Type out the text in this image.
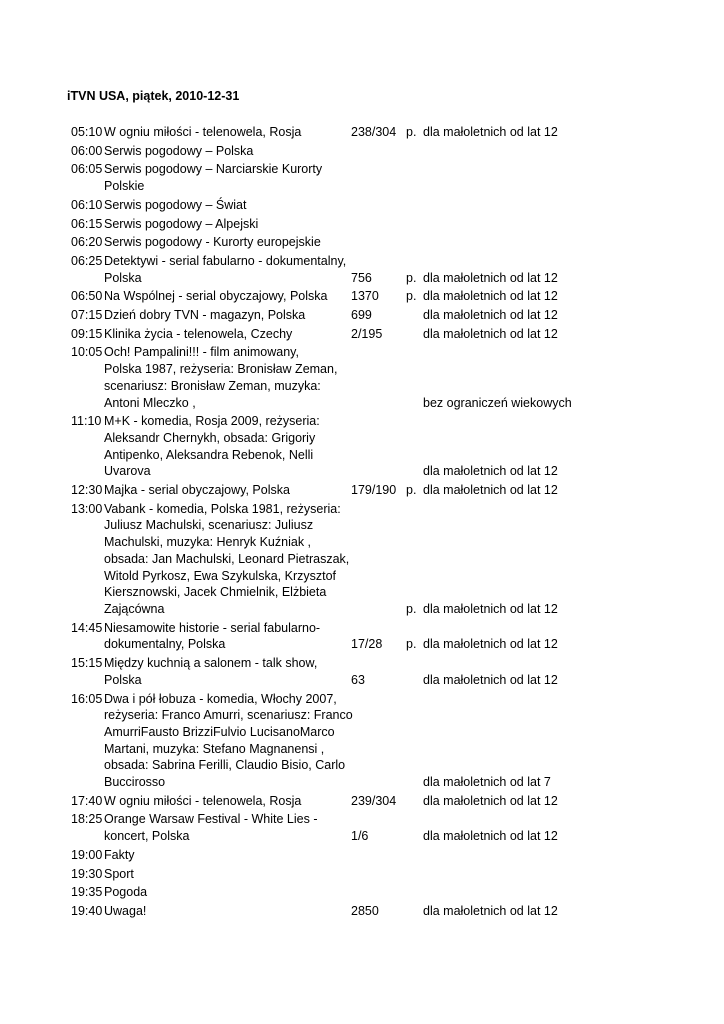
iTVN USA, piątek, 2010-12-31
05:10 W ogniu miłości - telenowela, Rosja	238/304 p. dla małoletnich od lat 12
06:00 Serwis pogodowy – Polska
06:05 Serwis pogodowy – Narciarskie Kurorty
Polskie
06:10 Serwis pogodowy – Świat
06:15 Serwis pogodowy – Alpejski
06:20 Serwis pogodowy - Kurorty europejskie
06:25 Detektywi - serial fabularno - dokumentalny,
Polska	756	p. dla małoletnich od lat 12
06:50 Na Wspólnej - serial obyczajowy, Polska	1370	p. dla małoletnich od lat 12
07:15 Dzień dobry TVN - magazyn, Polska	699	dla małoletnich od lat 12
09:15 Klinika życia - telenowela, Czechy	2/195	dla małoletnich od lat 12
10:05 Och! Pampalini!!! - film animowany,
Polska 1987, reżyseria: Bronisław Zeman,
scenariusz: Bronisław Zeman, muzyka:
Antoni Mleczko ,	bez ograniczeń wiekowych
11:10 M+K - komedia, Rosja 2009, reżyseria:
Aleksandr Chernykh, obsada: Grigoriy
Antipenko, Aleksandra Rebenok, Nelli
Uvarova	dla małoletnich od lat 12
12:30 Majka - serial obyczajowy, Polska	179/190 p. dla małoletnich od lat 12
13:00 Vabank - komedia, Polska 1981, reżyseria:
Juliusz Machulski, scenariusz: Juliusz
Machulski, muzyka: Henryk Kuźniak ,
obsada: Jan Machulski, Leonard Pietraszak,
Witold Pyrkosz, Ewa Szykulska, Krzysztof
Kiersznowski, Jacek Chmielnik, Elżbieta
Zającówna	p. dla małoletnich od lat 12
14:45 Niesamowite historie - serial fabularno-
dokumentalny, Polska	17/28	p. dla małoletnich od lat 12
15:15 Między kuchnią a salonem - talk show,
Polska	63	dla małoletnich od lat 12
16:05 Dwa i pół łobuza - komedia, Włochy 2007,
reżyseria: Franco Amurri, scenariusz: Franco
AmurriFausto BrizziFulvio LucisanoMarco
Martani, muzyka: Stefano Magnanensi ,
obsada: Sabrina Ferilli, Claudio Bisio, Carlo
Buccirosso	dla małoletnich od lat 7
17:40 W ogniu miłości - telenowela, Rosja	239/304	dla małoletnich od lat 12
18:25 Orange Warsaw Festival - White Lies -
koncert, Polska	1/6	dla małoletnich od lat 12
19:00 Fakty
19:30 Sport
19:35 Pogoda
19:40 Uwaga!	2850	dla małoletnich od lat 12
